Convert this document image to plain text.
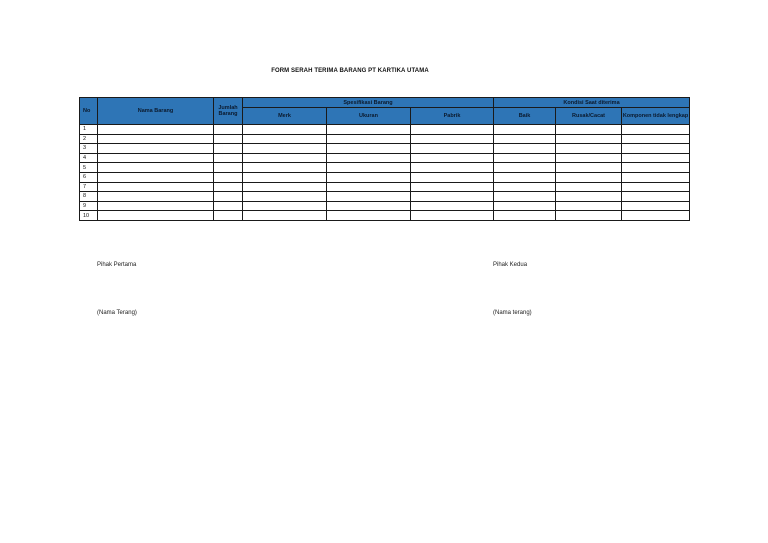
FORM SERAH TERIMA BARANG PT KARTIKA UTAMA
No	Nama Barang	Jumlah Barang	Spesifikasi Barang			Kondisi Saat diterima		
			Merk	Ukuran	Pabrik	Baik	Rusak/Cacat	Komponen tidak lengkap
1								
2								
3								
4								
5								
6								
7								
8								
9								
10								
Pihak Pertama	Pihak Kedua
(Nama Terang)	(Nama terang)
